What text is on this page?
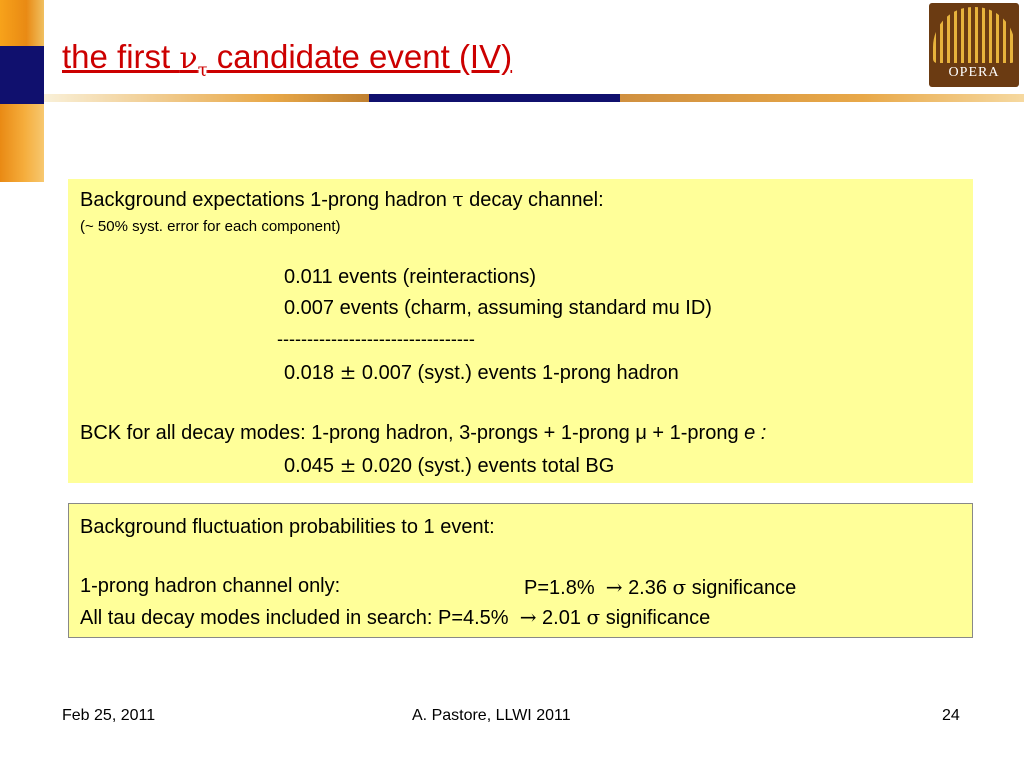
the first $\nu_\tau$ candidate event (IV)	OPERA
Background expectations 1-prong hadron τ decay channel:
(~ 50% syst. error for each component)
0.011 events (reinteractions)
0.007 events (charm, assuming standard mu ID)
---------------------------------
0.018 ± 0.007 (syst.) events 1-prong hadron
BCK for all decay modes: 1-prong hadron, 3-prongs + 1-prong μ + 1-prong e :
0.045 ± 0.020 (syst.) events total BG
Background fluctuation probabilities to 1 event:
1-prong hadron channel only:	P=1.8% → 2.36 σ significance
All tau decay modes included in search: P=4.5% → 2.01 σ significance
Feb 25, 2011	A. Pastore, LLWI 2011	24
